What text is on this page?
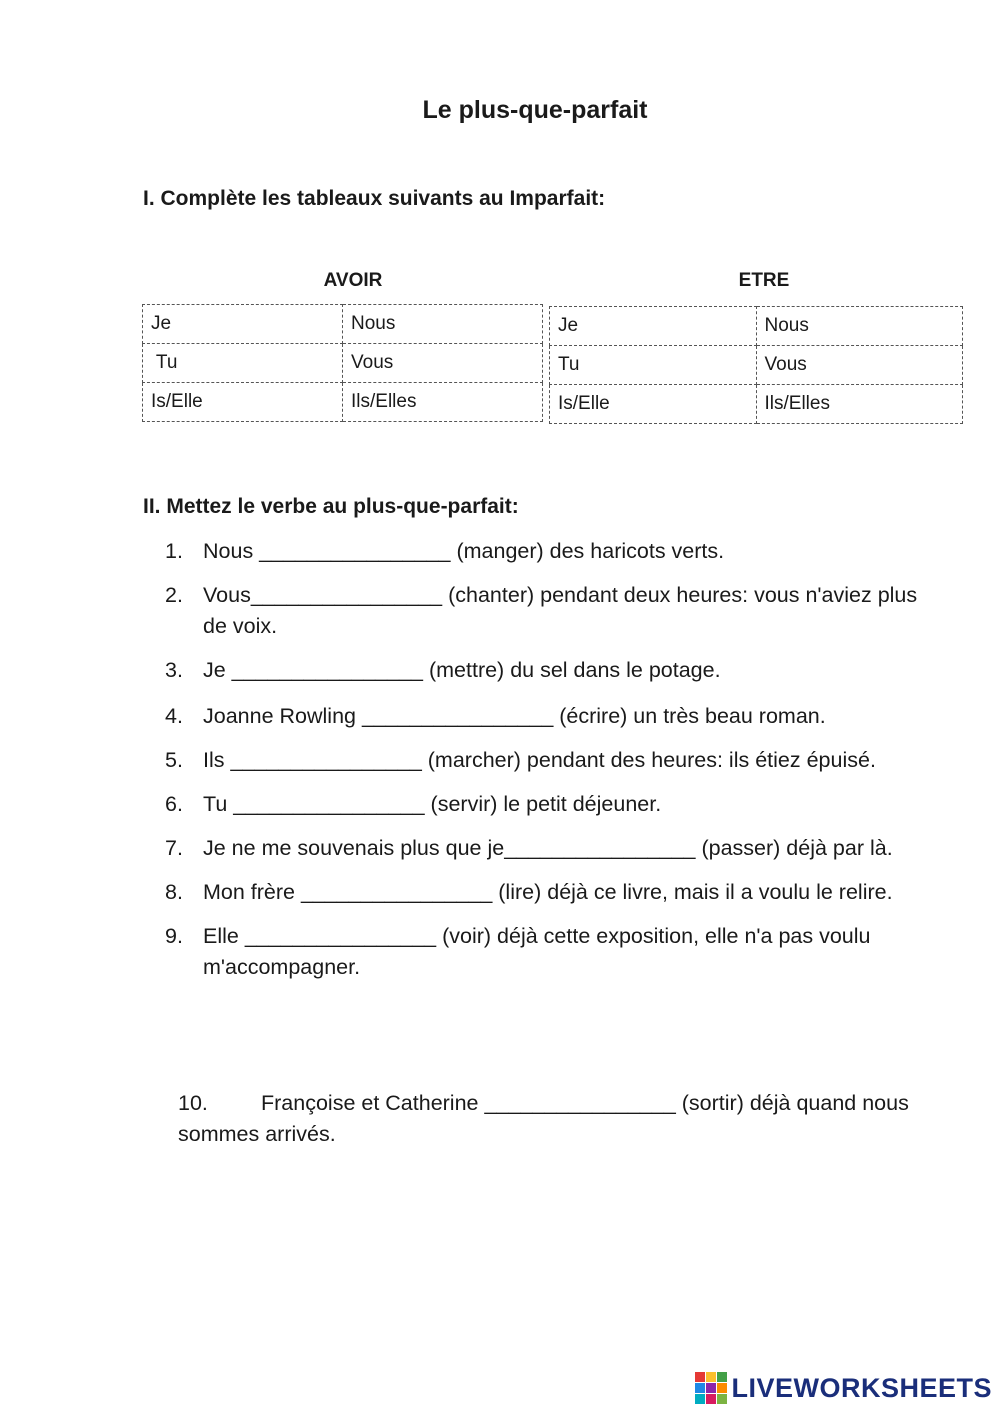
Le plus-que-parfait
I. Complète les tableaux suivants au Imparfait:
AVOIR	ETRE
Je	Nous
Tu	Vous
Is/Elle	Ils/Elles
Je	Nous
Tu	Vous
Is/Elle	Ils/Elles
II. Mettez le verbe au plus-que-parfait:
1. Nous ________________ (manger) des haricots verts.
2. Vous________________ (chanter) pendant deux heures: vous n'aviez plus de voix.
3. Je ________________ (mettre) du sel dans le potage.
4. Joanne Rowling ________________ (écrire) un très beau roman.
5. Ils ________________ (marcher) pendant des heures: ils étiez épuisé.
6. Tu ________________ (servir) le petit déjeuner.
7. Je ne me souvenais plus que je________________ (passer) déjà par là.
8. Mon frère ________________ (lire) déjà ce livre, mais il a voulu le relire.
9. Elle ________________ (voir) déjà cette exposition, elle n'a pas voulu m'accompagner.
10. Françoise et Catherine ________________ (sortir) déjà quand nous sommes arrivés.
LIVEWORKSHEETS
